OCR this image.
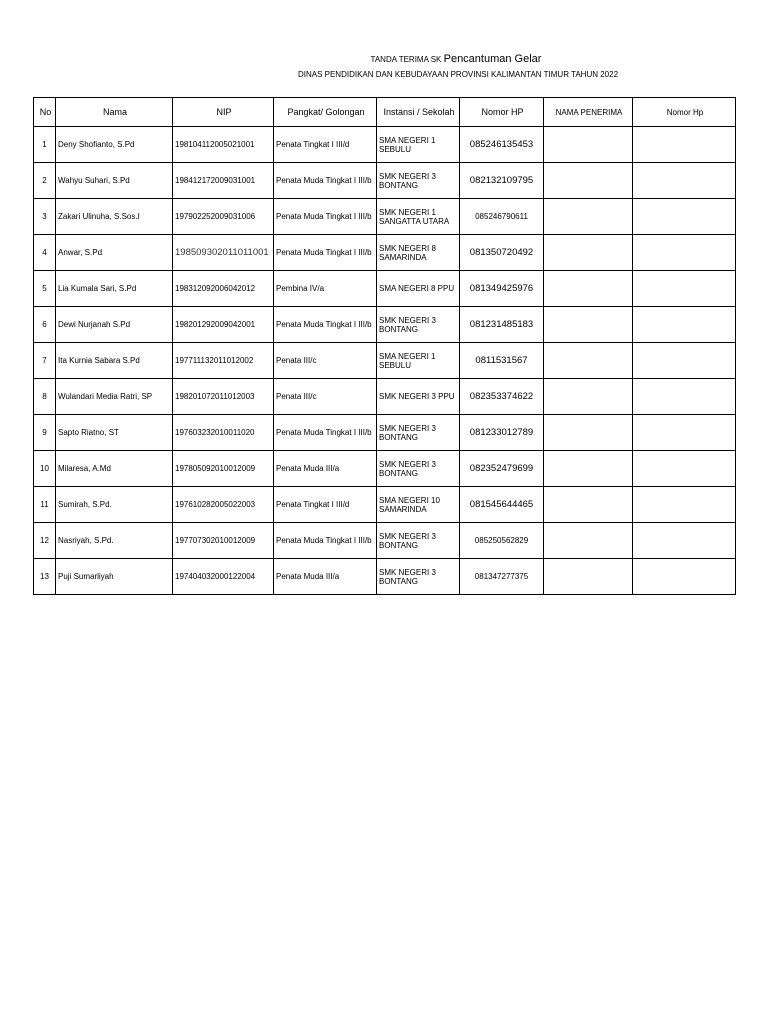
TANDA TERIMA SK Pencantuman Gelar
DINAS PENDIDIKAN DAN KEBUDAYAAN PROVINSI KALIMANTAN TIMUR TAHUN 2022
No	Nama	NIP	Pangkat/ Golongan	Instansi / Sekolah	Nomor HP	NAMA PENERIMA	Nomor Hp
1	Deny Shofianto, S.Pd	198104112005021001	Penata Tingkat I III/d	SMA NEGERI 1 SEBULU	085246135453		
2	Wahyu Suhari, S.Pd	198412172009031001	Penata Muda Tingkat I III/b	SMK NEGERI 3 BONTANG	082132109795		
3	Zakari Ulinuha, S.Sos.I	197902252009031006	Penata Muda Tingkat I III/b	SMK NEGERI 1 SANGATTA UTARA	085246790611		
4	Anwar, S.Pd	198509302011011001	Penata Muda Tingkat I III/b	SMK NEGERI 8 SAMARINDA	081350720492		
5	Lia Kumala Sari, S.Pd	198312092006042012	Pembina IV/a	SMA NEGERI 8 PPU	081349425976		
6	Dewi Nurjanah S.Pd	198201292009042001	Penata Muda Tingkat I III/b	SMK NEGERI 3 BONTANG	081231485183		
7	Ita Kurnia Sabara S.Pd	197711132011012002	Penata III/c	SMA NEGERI 1 SEBULU	0811531567		
8	Wulandari Media Ratri, SP	198201072011012003	Penata III/c	SMK NEGERI 3 PPU	082353374622		
9	Sapto Riatno, ST	197603232010011020	Penata Muda Tingkat I III/b	SMK NEGERI 3 BONTANG	081233012789		
10	Milaresa, A.Md	197805092010012009	Penata Muda III/a	SMK NEGERI 3 BONTANG	082352479699		
11	Sumirah, S.Pd.	197610282005022003	Penata Tingkat I III/d	SMA NEGERI 10 SAMARINDA	081545644465		
12	Nasriyah, S.Pd.	197707302010012009	Penata Muda Tingkat I III/b	SMK NEGERI 3 BONTANG	085250562829		
13	Puji Sumarliyah	197404032000122004	Penata Muda III/a	SMK NEGERI 3 BONTANG	081347277375		
